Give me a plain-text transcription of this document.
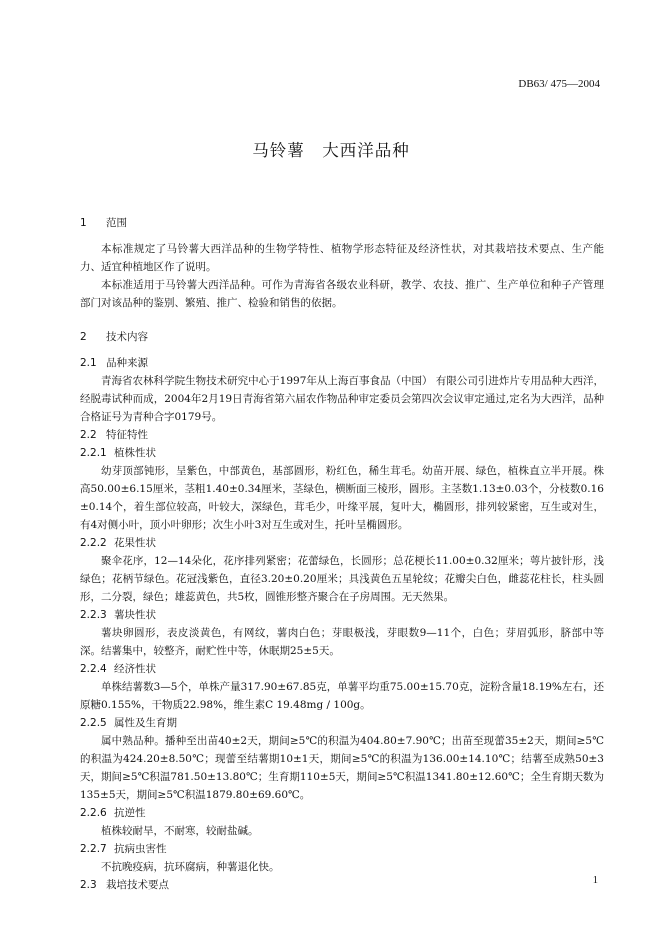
DB63/ 475—2004
马铃薯　大西洋品种
1	范围

本标准规定了马铃薯大西洋品种的生物学特性、植物学形态特征及经济性状，对其栽培技术要点、生产能力、适宜种植地区作了说明。

本标准适用于马铃薯大西洋品种。可作为青海省各级农业科研，教学、农技、推广、生产单位和种子产管理部门对该品种的鉴别、繁殖、推广、检验和销售的依据。

2	技术内容
2.1 品种来源

青海省农林科学院生物技术研究中心于1997年从上海百事食品（中国） 有限公司引进炸片专用品种大西洋，经脱毒试种而成，2004年2月19日青海省第六届农作物品种审定委员会第四次会议审定通过,定名为大西洋，品种合格证号为青种合字0179号。

2.2 特征特性
2.2.1 植株性状

幼芽顶部钝形，呈紫色，中部黄色，基部圆形，粉红色，稀生茸毛。幼苗开展、绿色，植株直立半开展。株高50.00±6.15厘米，茎粗1.40±0.34厘米，茎绿色，横断面三棱形，圆形。主茎数1.13±0.03个，分枝数0.16±0.14个，着生部位较高，叶较大，深绿色，茸毛少，叶缘平展，复叶大，椭圆形，排列较紧密，互生或对生，有4对侧小叶，顶小叶卵形；次生小叶3对互生或对生，托叶呈椭圆形。

2.2.2 花果性状

聚伞花序，12—14朵化，花序排列紧密；花蕾绿色，长圆形；总花梗长11.00±0.32厘米；萼片披针形，浅绿色；花柄节绿色。花冠浅紫色，直径3.20±0.20厘米；具浅黄色五星轮纹；花瓣尖白色，雌蕊花柱长，柱头圆形，二分裂，绿色；雄蕊黄色，共5枚，圆锥形整齐聚合在子房周围。无天然果。

2.2.3 薯块性状

薯块卵圆形，表皮淡黄色，有网纹，薯肉白色；芽眼极浅，芽眼数9—11个，白色；芽眉弧形，脐部中等深。结薯集中，较整齐，耐贮性中等，休眠期25±5天。

2.2.4 经济性状

单株结薯数3—5个，单株产量317.90±67.85克，单薯平均重75.00±15.70克，淀粉含量18.19%左右，还原糖0.155%，干物质22.98%，维生素C 19.48mg / 100g。

2.2.5 属性及生育期

属中熟品种。播种至出苗40±2天，期间≥5℃的积温为404.80±7.90℃；出苗至现蕾35±2天，期间≥5℃的积温为424.20±8.50℃；现蕾至结薯期10±1天，期间≥5℃的积温为136.00±14.10℃；结薯至成熟50±3天，期间≥5℃积温781.50±13.80℃；生育期110±5天，期间≥5℃积温1341.80±12.60℃；全生育期天数为135±5天，期间≥5℃积温1879.80±69.60℃。

2.2.6 抗逆性

植株较耐旱，不耐寒，较耐盐碱。

2.2.7 抗病虫害性

不抗晚疫病，抗环腐病，种薯退化快。

2.3 栽培技术要点	1
